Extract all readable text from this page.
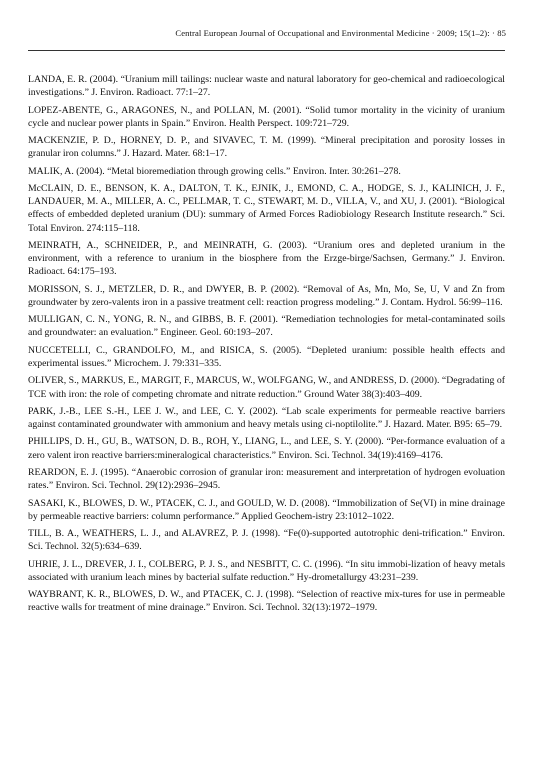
Central European Journal of Occupational and Environmental Medicine · 2009; 15(1–2): · 85
LANDA, E. R. (2004). “Uranium mill tailings: nuclear waste and natural laboratory for geo-chemical and radioecological investigations.” J. Environ. Radioact. 77:1–27.
LOPEZ-ABENTE, G., ARAGONES, N., and POLLAN, M. (2001). “Solid tumor mortality in the vicinity of uranium cycle and nuclear power plants in Spain.” Environ. Health Perspect. 109:721–729.
MACKENZIE, P. D., HORNEY, D. P., and SIVAVEC, T. M. (1999). “Mineral precipitation and porosity losses in granular iron columns.” J. Hazard. Mater. 68:1–17.
MALIK, A. (2004). “Metal bioremediation through growing cells.” Environ. Inter. 30:261–278.
McCLAIN, D. E., BENSON, K. A., DALTON, T. K., EJNIK, J., EMOND, C. A., HODGE, S. J., KALINICH, J. F., LANDAUER, M. A., MILLER, A. C., PELLMAR, T. C., STEWART, M. D., VILLA, V., and XU, J. (2001). “Biological effects of embedded depleted uranium (DU): summary of Armed Forces Radiobiology Research Institute research.” Sci. Total Environ. 274:115–118.
MEINRATH, A., SCHNEIDER, P., and MEINRATH, G. (2003). “Uranium ores and depleted uranium in the environment, with a reference to uranium in the biosphere from the Erzge-birge/Sachsen, Germany.” J. Environ. Radioact. 64:175–193.
MORISSON, S. J., METZLER, D. R., and DWYER, B. P. (2002). “Removal of As, Mn, Mo, Se, U, V and Zn from groundwater by zero-valents iron in a passive treatment cell: reaction progress modeling.” J. Contam. Hydrol. 56:99–116.
MULLIGAN, C. N., YONG, R. N., and GIBBS, B. F. (2001). “Remediation technologies for metal-contaminated soils and groundwater: an evaluation.” Engineer. Geol. 60:193–207.
NUCCETELLI, C., GRANDOLFO, M., and RISICA, S. (2005). “Depleted uranium: possible health effects and experimental issues.” Microchem. J. 79:331–335.
OLIVER, S., MARKUS, E., MARGIT, F., MARCUS, W., WOLFGANG, W., and ANDRESS, D. (2000). “Degradating of TCE with iron: the role of competing chromate and nitrate reduction.” Ground Water 38(3):403–409.
PARK, J.-B., LEE S.-H., LEE J. W., and LEE, C. Y. (2002). “Lab scale experiments for permeable reactive barriers against contaminated groundwater with ammonium and heavy metals using ci-noptilolite.” J. Hazard. Mater. B95: 65–79.
PHILLIPS, D. H., GU, B., WATSON, D. B., ROH, Y., LIANG, L., and LEE, S. Y. (2000). “Per-formance evaluation of a zero valent iron reactive barriers:mineralogical characteristics.” Environ. Sci. Technol. 34(19):4169–4176.
REARDON, E. J. (1995). “Anaerobic corrosion of granular iron: measurement and interpretation of hydrogen evoluation rates.” Environ. Sci. Technol. 29(12):2936–2945.
SASAKI, K., BLOWES, D. W., PTACEK, C. J., and GOULD, W. D. (2008). “Immobilization of Se(VI) in mine drainage by permeable reactive barriers: column performance.” Applied Geochem-istry 23:1012–1022.
TILL, B. A., WEATHERS, L. J., and ALAVREZ, P. J. (1998). “Fe(0)-supported autotrophic deni-trification.” Environ. Sci. Technol. 32(5):634–639.
UHRIE, J. L., DREVER, J. I., COLBERG, P. J. S., and NESBITT, C. C. (1996). “In situ immobi-lization of heavy metals associated with uranium leach mines by bacterial sulfate reduction.” Hy-drometallurgy 43:231–239.
WAYBRANT, K. R., BLOWES, D. W., and PTACEK, C. J. (1998). “Selection of reactive mix-tures for use in permeable reactive walls for treatment of mine drainage.” Environ. Sci. Technol. 32(13):1972–1979.
